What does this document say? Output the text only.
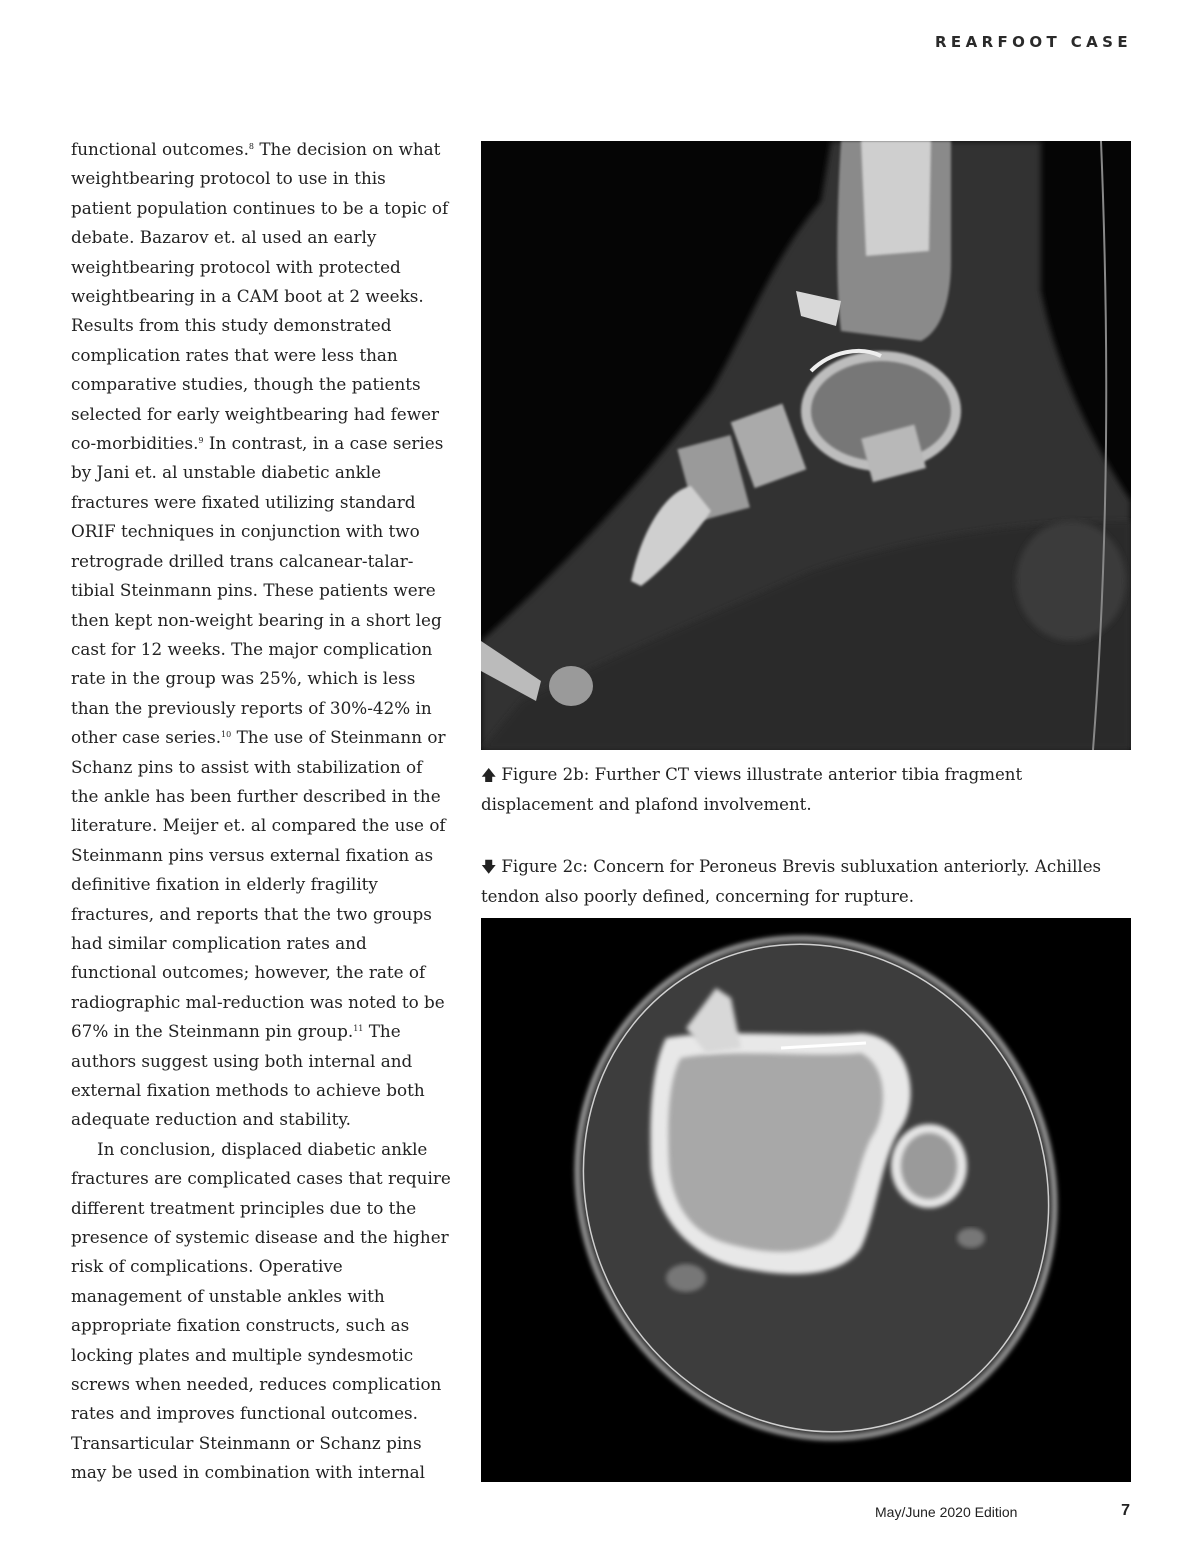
REARFOOT CASE

functional outcomes.$^8$ The decision on what weightbearing protocol to use in this patient population continues to be a topic of debate. Bazarov et. al used an early weightbearing protocol with protected weightbearing in a CAM boot at 2 weeks. Results from this study demonstrated complication rates that were less than comparative studies, though the patients selected for early weightbearing had fewer co-morbidities.$^9$ In contrast, in a case series by Jani et. al unstable diabetic ankle fractures were fixated utilizing standard ORIF techniques in conjunction with two retrograde drilled trans calcanear-talar-tibial Steinmann pins. These patients were then kept non-weight bearing in a short leg cast for 12 weeks. The major complication rate in the group was 25%, which is less than the previously reports of 30%-42% in other case series.$^{10}$ The use of Steinmann or Schanz pins to assist with stabilization of the ankle has been further described in the literature. Meijer et. al compared the use of Steinmann pins versus external fixation as definitive fixation in elderly fragility fractures, and reports that the two groups had similar complication rates and functional outcomes; however, the rate of radiographic mal-reduction was noted to be 67% in the Steinmann pin group.$^{11}$ The authors suggest using both internal and external fixation methods to achieve both adequate reduction and stability.

In conclusion, displaced diabetic ankle fractures are complicated cases that require different treatment principles due to the presence of systemic disease and the higher risk of complications. Operative management of unstable ankles with appropriate fixation constructs, such as locking plates and multiple syndesmotic screws when needed, reduces complication rates and improves functional outcomes. Transarticular Steinmann or Schanz pins may be used in combination with internal

🡅 Figure 2b: Further CT views illustrate anterior tibia fragment displacement and plafond involvement.
🡇 Figure 2c: Concern for Peroneus Brevis subluxation anteriorly. Achilles tendon also poorly defined, concerning for rupture.
May/June 2020 Edition	7
